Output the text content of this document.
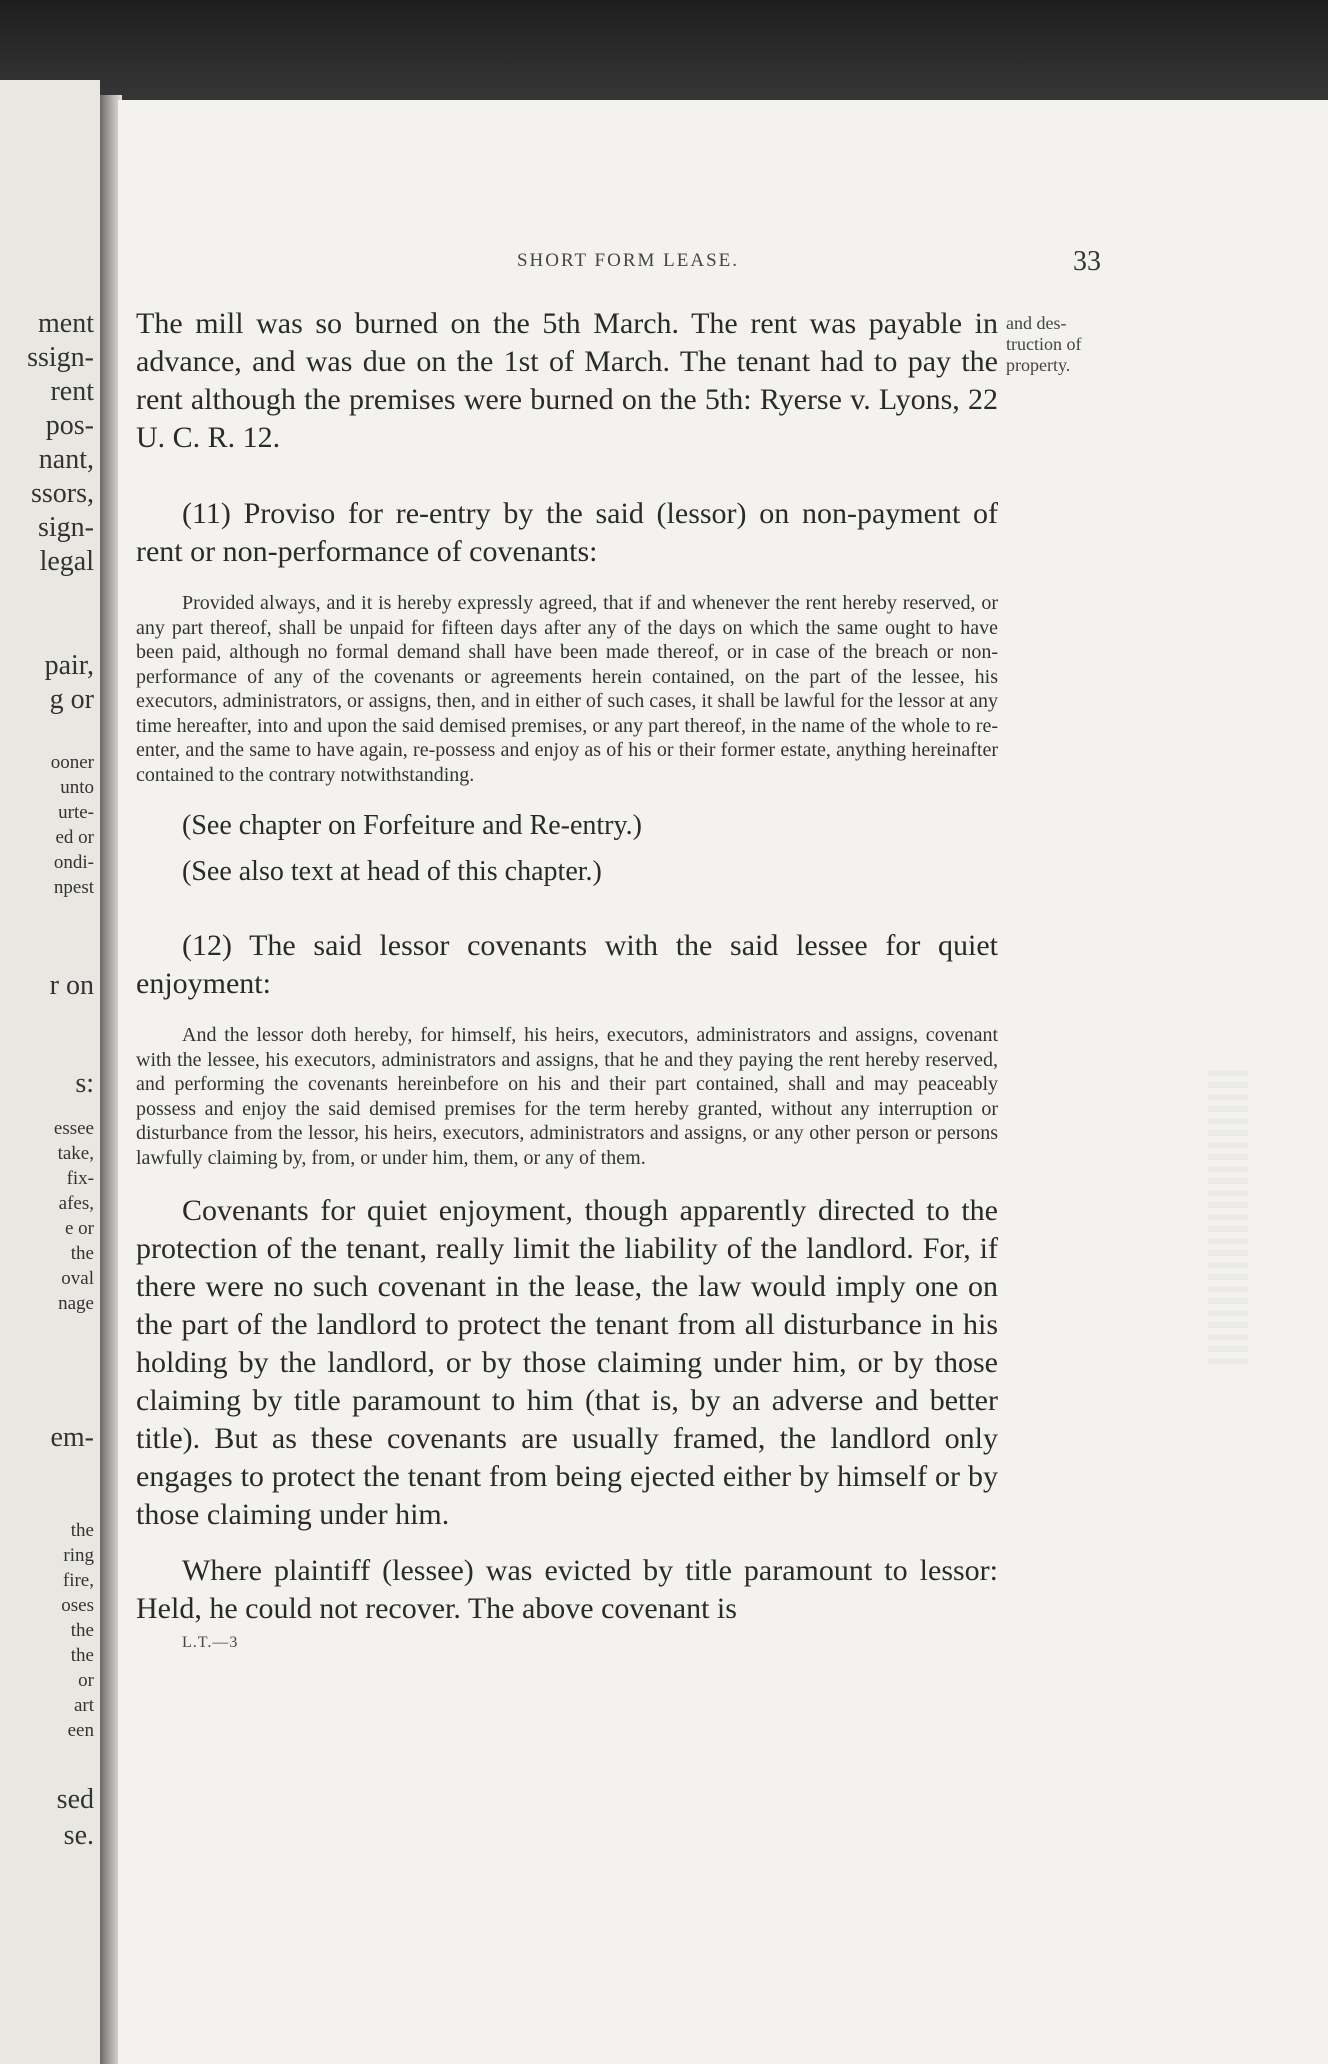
ment
ssign-
rent
pos-
nant,
ssors,
sign-
legal
pair,
g or
ooner
unto
urte-
ed or
ondi-
npest
r on
s:
essee
take,
fix-
afes,
e or
the
oval
nage
em-
the
ring
fire,
oses
the
the
or
art
een
sed
se.
SHORT FORM LEASE.	33
and des-
truction of
property.

The mill was so burned on the 5th March. The rent was payable in advance, and was due on the 1st of March. The tenant had to pay the rent although the premises were burned on the 5th: Ryerse v. Lyons, 22 U. C. R. 12.

(11) Proviso for re-entry by the said (lessor) on non-payment of rent or non-performance of covenants:

Provided always, and it is hereby expressly agreed, that if and whenever the rent hereby reserved, or any part thereof, shall be unpaid for fifteen days after any of the days on which the same ought to have been paid, although no formal demand shall have been made thereof, or in case of the breach or non-performance of any of the covenants or agreements herein contained, on the part of the lessee, his executors, administrators, or assigns, then, and in either of such cases, it shall be lawful for the lessor at any time hereafter, into and upon the said demised premises, or any part thereof, in the name of the whole to re-enter, and the same to have again, re-possess and enjoy as of his or their former estate, anything hereinafter contained to the contrary notwithstanding.

(See chapter on Forfeiture and Re-entry.)

(See also text at head of this chapter.)

(12) The said lessor covenants with the said lessee for quiet enjoyment:

And the lessor doth hereby, for himself, his heirs, executors, administrators and assigns, covenant with the lessee, his executors, administrators and assigns, that he and they paying the rent hereby reserved, and performing the covenants hereinbefore on his and their part contained, shall and may peaceably possess and enjoy the said demised premises for the term hereby granted, without any interruption or disturbance from the lessor, his heirs, executors, administrators and assigns, or any other person or persons lawfully claiming by, from, or under him, them, or any of them.

Covenants for quiet enjoyment, though apparently directed to the protection of the tenant, really limit the liability of the landlord. For, if there were no such covenant in the lease, the law would imply one on the part of the landlord to protect the tenant from all disturbance in his holding by the landlord, or by those claiming under him, or by those claiming by title paramount to him (that is, by an adverse and better title). But as these covenants are usually framed, the landlord only engages to protect the tenant from being ejected either by himself or by those claiming under him.

Where plaintiff (lessee) was evicted by title paramount to lessor: Held, he could not recover. The above covenant is

L.T.—3
